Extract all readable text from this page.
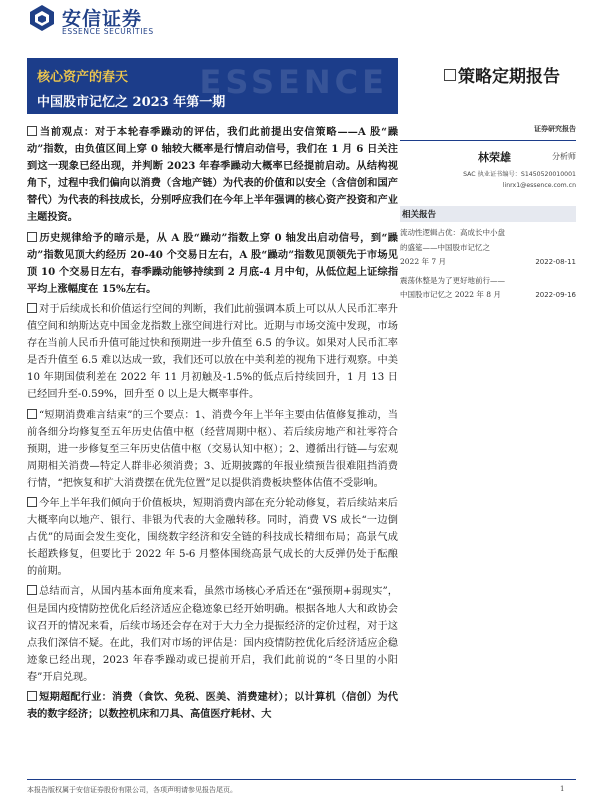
安信证券
ESSENCE SECURITIES
ESSENCE
核心资产的春天
中国股市记忆之 2023 年第一期
策略定期报告
当前观点：对于本轮春季躁动的评估，我们此前提出安信策略——A 股“躁动”指数，由负值区间上穿 0 轴较大概率是行情启动信号，我们在 1 月 6 日关注到这一现象已经出现，并判断 2023 年春季躁动大概率已经提前启动。从结构视角下，过程中我们偏向以消费（含地产链）为代表的价值和以安全（含信创和国产替代）为代表的科技成长，分别呼应我们在今年上半年强调的核心资产投资和产业主题投资。
历史规律给予的暗示是，从 A 股“躁动”指数上穿 0 轴发出启动信号，到“躁动”指数见顶大约经历 20-40 个交易日左右，A 股“躁动”指数见顶领先于市场见顶 10 个交易日左右，春季躁动能够持续到 2 月底-4 月中旬，从低位起上证综指平均上涨幅度在 15%左右。
对于后续成长和价值运行空间的判断，我们此前强调本质上可以从人民币汇率升值空间和纳斯达克中国金龙指数上涨空间进行对比。近期与市场交流中发现，市场存在当前人民币升值可能过快和预期进一步升值至 6.5 的争议。如果对人民币汇率是否升值至 6.5 难以达成一致，我们还可以放在中美利差的视角下进行观察。中美 10 年期国债利差在 2022 年 11 月初触及-1.5%的低点后持续回升，1 月 13 日已经回升至-0.59%，回升至 0 以上是大概率事件。
“短期消费难言结束”的三个要点：1、消费今年上半年主要由估值修复推动，当前各细分均修复至五年历史估值中枢（经营周期中枢）、若后续房地产和社零符合预期，进一步修复至三年历史估值中枢（交易认知中枢）；2、遵循出行链—与宏观周期相关消费—特定人群非必须消费；3、近期披露的年报业绩预告很难阻挡消费行情，“把恢复和扩大消费摆在优先位置”足以提供消费板块整体估值不受影响。
今年上半年我们倾向于价值板块，短期消费内部在充分轮动修复，若后续站来后大概率向以地产、银行、非银为代表的大金融转移。同时，消费 VS 成长“一边倒占优”的局面会发生变化，围绕数字经济和安全链的科技成长精细布局；高景气成长超跌修复，但要比于 2022 年 5-6 月整体围绕高景气成长的大反弹仍处于酝酿的前期。
总结而言，从国内基本面角度来看，虽然市场核心矛盾还在“强预期+弱现实”，但是国内疫情防控优化后经济适应企稳迹象已经开始明确。根据各地人大和政协会议召开的情况来看，后续市场还会存在对于大力全力提振经济的定价过程，对于这点我们深信不疑。在此，我们对市场的评估是：国内疫情防控优化后经济适应企稳迹象已经出现，2023 年春季躁动或已提前开启，我们此前说的“冬日里的小阳春”开启兑现。
短期超配行业：消费（食饮、免税、医美、消费建材）；以计算机（信创）为代表的数字经济；以数控机床和刀具、高值医疗耗材、大
证券研究报告
林荣雄	分析师
SAC 执业证书编号：S1450520010001
linrx1@essence.com.cn
相关报告
流动性逻辑占优：高成长中小盘的盛筵——中国股市记忆之 2022 年 7 月	2022-08-11
震荡休整是为了更好地前行——中国股市记忆之 2022 年 8 月	2022-09-16
本报告版权属于安信证券股份有限公司，各项声明请参见报告尾页。	1
